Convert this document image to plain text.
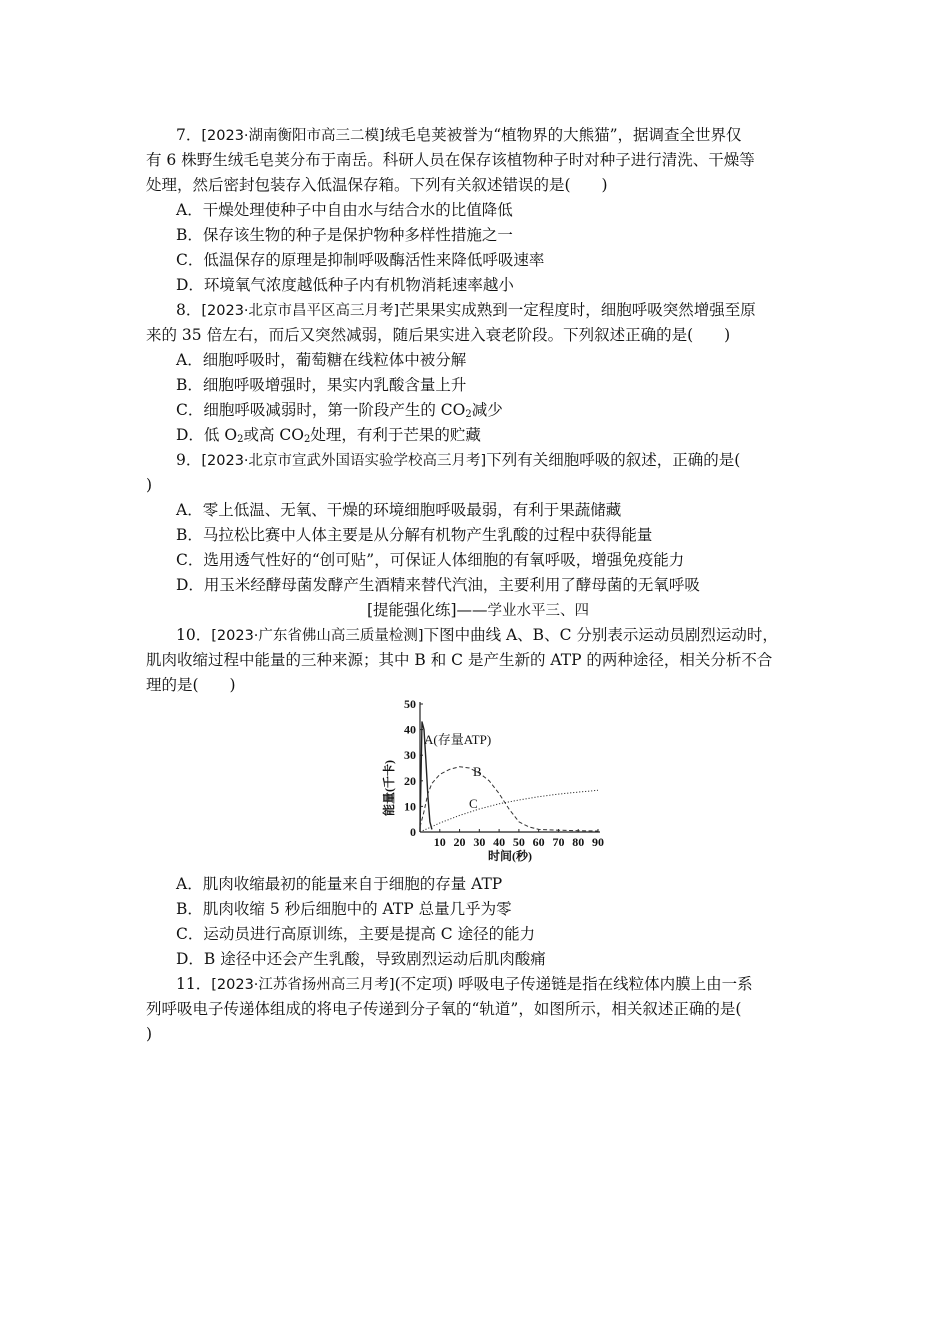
7．[2023·湖南衡阳市高三二模]绒毛皂荚被誉为“植物界的大熊猫”，据调查全世界仅
有 6 株野生绒毛皂荚分布于南岳。科研人员在保存该植物种子时对种子进行清洗、干燥等
处理，然后密封包装存入低温保存箱。下列有关叙述错误的是(　　)
A．干燥处理使种子中自由水与结合水的比值降低
B．保存该生物的种子是保护物种多样性措施之一
C．低温保存的原理是抑制呼吸酶活性来降低呼吸速率
D．环境氧气浓度越低种子内有机物消耗速率越小
8．[2023·北京市昌平区高三月考]芒果果实成熟到一定程度时，细胞呼吸突然增强至原
来的 35 倍左右，而后又突然减弱，随后果实进入衰老阶段。下列叙述正确的是(　　)
A．细胞呼吸时，葡萄糖在线粒体中被分解
B．细胞呼吸增强时，果实内乳酸含量上升
C．细胞呼吸减弱时，第一阶段产生的 $CO_2$减少
D．低 $O_2$或高 $CO_2$处理，有利于芒果的贮藏
9．[2023·北京市宣武外国语实验学校高三月考]下列有关细胞呼吸的叙述，正确的是(
)
A．零上低温、无氧、干燥的环境细胞呼吸最弱，有利于果蔬储藏
B．马拉松比赛中人体主要是从分解有机物产生乳酸的过程中获得能量
C．选用透气性好的“创可贴”，可保证人体细胞的有氧呼吸，增强免疫能力
D．用玉米经酵母菌发酵产生酒精来替代汽油，主要利用了酵母菌的无氧呼吸
[提能强化练]——学业水平三、四
10．[2023·广东省佛山高三质量检测]下图中曲线 A、B、C 分别表示运动员剧烈运动时，
肌肉收缩过程中能量的三种来源；其中 B 和 C 是产生新的 ATP 的两种途径，相关分析不合
理的是(　　)
0
10
20
30
40
50
10 20 30 40 50 60 70 80 90
能量(千卡)
时间(秒)
A(存量ATP)
B
C
A．肌肉收缩最初的能量来自于细胞的存量 ATP
B．肌肉收缩 5 秒后细胞中的 ATP 总量几乎为零
C．运动员进行高原训练，主要是提高 C 途径的能力
D．B 途径中还会产生乳酸，导致剧烈运动后肌肉酸痛
11．[2023·江苏省扬州高三月考](不定项) 呼吸电子传递链是指在线粒体内膜上由一系
列呼吸电子传递体组成的将电子传递到分子氧的“轨道”，如图所示，相关叙述正确的是(
)
